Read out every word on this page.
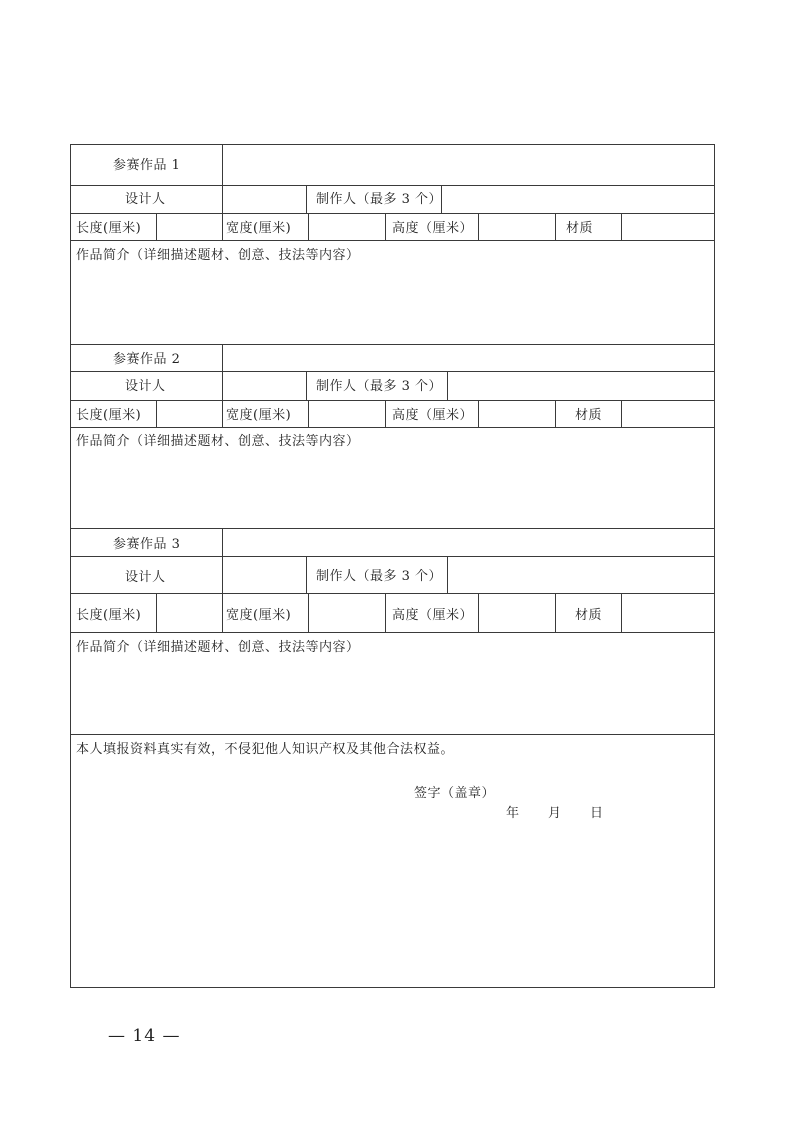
参赛作品 1
设计人	制作人（最多 3 个）
长度(厘米)	宽度(厘米)	高度（厘米）	材质
作品简介（详细描述题材、创意、技法等内容）
参赛作品 2
设计人	制作人（最多 3 个）
长度(厘米)	宽度(厘米)	高度（厘米）	材质
作品简介（详细描述题材、创意、技法等内容）
参赛作品 3
设计人	制作人（最多 3 个）
长度(厘米)	宽度(厘米)	高度（厘米）	材质
作品简介（详细描述题材、创意、技法等内容）
本人填报资料真实有效，不侵犯他人知识产权及其他合法权益。
签字（盖章）
年　　月　　日
— 14 —
